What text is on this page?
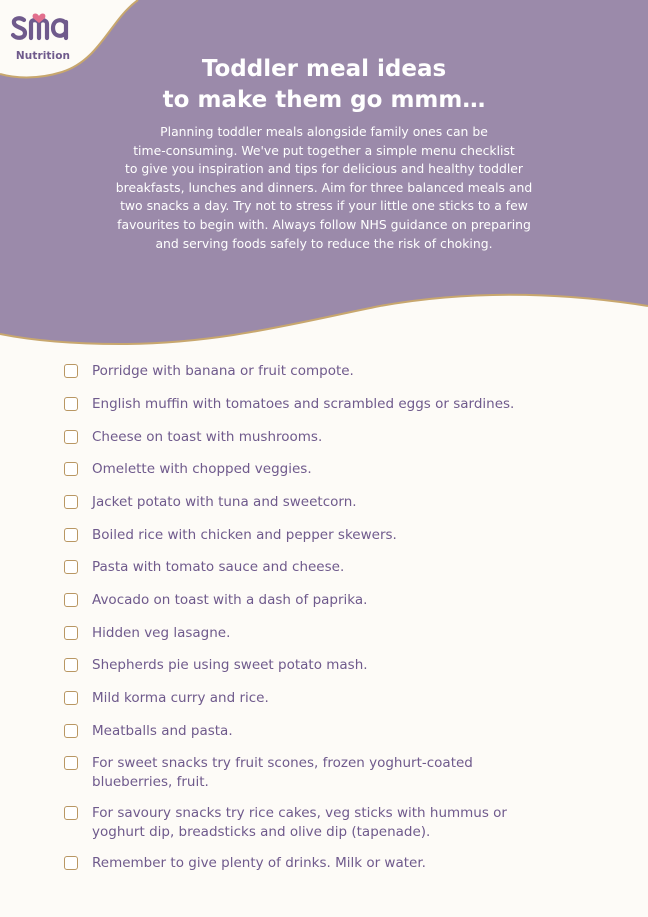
Nutrition	Toddler meal ideas
to make them go mmm…
Planning toddler meals alongside family ones can be
time-consuming. We've put together a simple menu checklist
to give you inspiration and tips for delicious and healthy toddler
breakfasts, lunches and dinners. Aim for three balanced meals and
two snacks a day. Try not to stress if your little one sticks to a few
favourites to begin with. Always follow NHS guidance on preparing
and serving foods safely to reduce the risk of choking.
Porridge with banana or fruit compote.
English muffin with tomatoes and scrambled eggs or sardines.
Cheese on toast with mushrooms.
Omelette with chopped veggies.
Jacket potato with tuna and sweetcorn.
Boiled rice with chicken and pepper skewers.
Pasta with tomato sauce and cheese.
Avocado on toast with a dash of paprika.
Hidden veg lasagne.
Shepherds pie using sweet potato mash.
Mild korma curry and rice.
Meatballs and pasta.
For sweet snacks try fruit scones, frozen yoghurt-coated
blueberries, fruit.
For savoury snacks try rice cakes, veg sticks with hummus or
yoghurt dip, breadsticks and olive dip (tapenade).
Remember to give plenty of drinks. Milk or water.
